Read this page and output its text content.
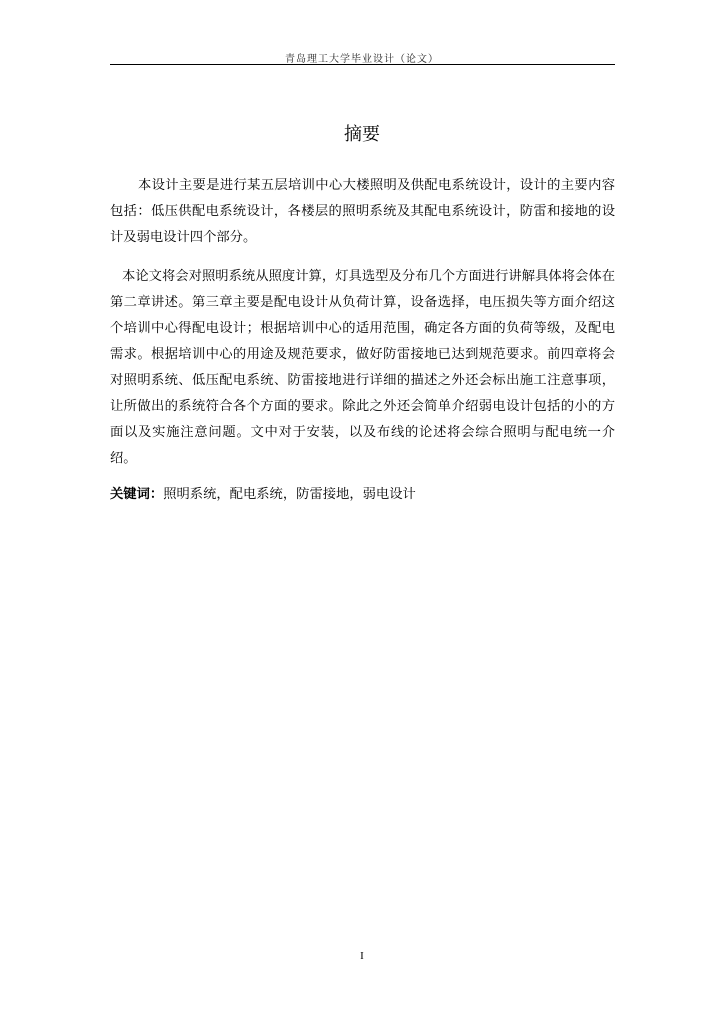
青岛理工大学毕业设计（论文）
摘要

本设计主要是进行某五层培训中心大楼照明及供配电系统设计，设计的主要内容包括：低压供配电系统设计，各楼层的照明系统及其配电系统设计，防雷和接地的设计及弱电设计四个部分。

本论文将会对照明系统从照度计算，灯具选型及分布几个方面进行讲解具体将会体在第二章讲述。第三章主要是配电设计从负荷计算，设备选择，电压损失等方面介绍这个培训中心得配电设计；根据培训中心的适用范围，确定各方面的负荷等级，及配电需求。根据培训中心的用途及规范要求，做好防雷接地已达到规范要求。前四章将会对照明系统、低压配电系统、防雷接地进行详细的描述之外还会标出施工注意事项，让所做出的系统符合各个方面的要求。除此之外还会简单介绍弱电设计包括的小的方面以及实施注意问题。文中对于安装，以及布线的论述将会综合照明与配电统一介绍。

关键词：照明系统，配电系统，防雷接地，弱电设计

I
